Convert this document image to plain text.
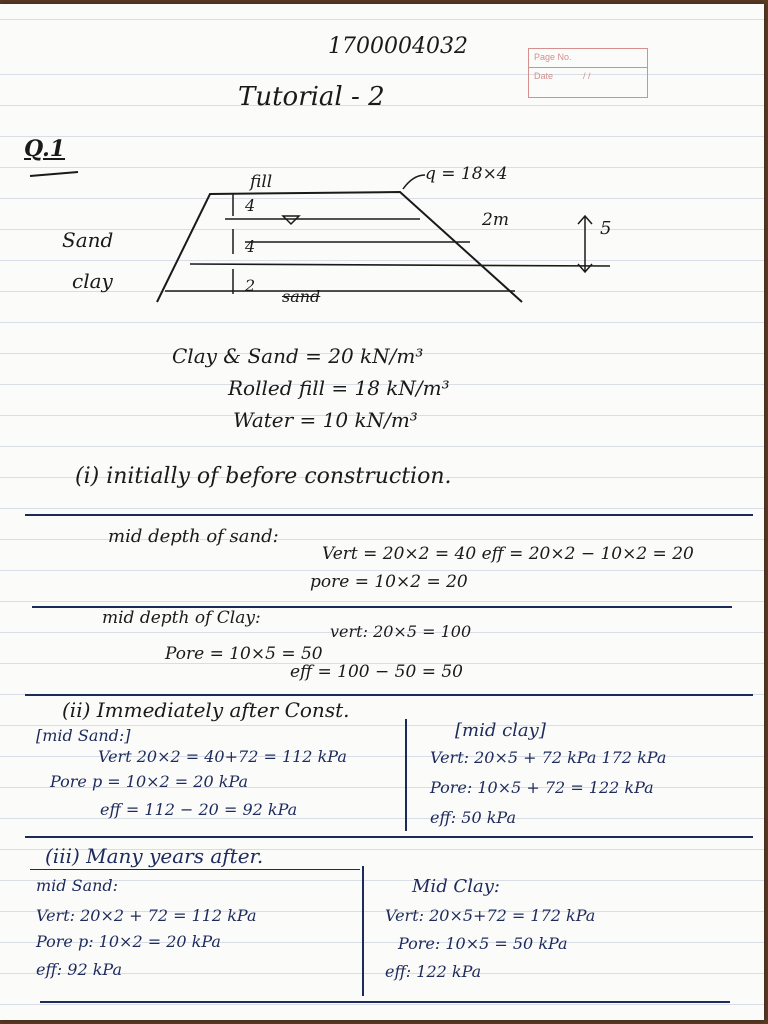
Page No.
Date	/ /
1700004032
Tutorial - 2
Q.1
fill	q = 18×4
4
4
2
2m	5
Sand
clay
sand
Clay & Sand = 20 kN/m³
Rolled fill = 18 kN/m³
Water = 10 kN/m³
(i) initially of before construction.
mid depth of sand:
Vert = 20×2 = 40 eff = 20×2 − 10×2 = 20
pore = 10×2 = 20
mid depth of Clay:
vert: 20×5 = 100
Pore = 10×5 = 50
eff = 100 − 50 = 50
(ii) Immediately after Const.
[mid Sand:]
Vert 20×2 = 40+72 = 112 kPa
Pore p = 10×2 = 20 kPa
eff = 112 − 20 = 92 kPa
[mid clay]
Vert: 20×5 + 72 kPa 172 kPa
Pore: 10×5 + 72 = 122 kPa
eff: 50 kPa
(iii) Many years after.
mid Sand:
Vert: 20×2 + 72 = 112 kPa
Pore p: 10×2 = 20 kPa
eff: 92 kPa
Mid Clay:
Vert: 20×5+72 = 172 kPa
Pore: 10×5 = 50 kPa
eff: 122 kPa
